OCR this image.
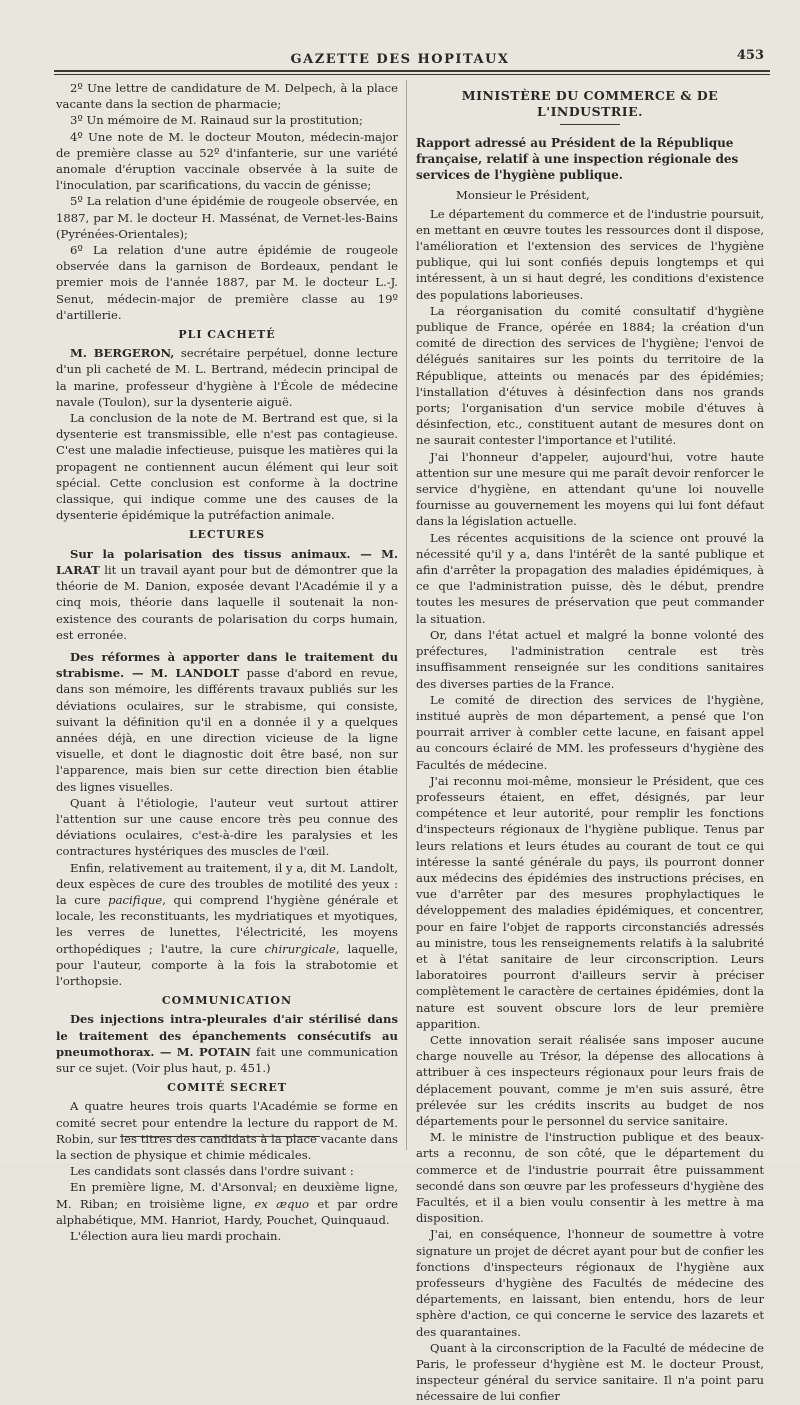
GAZETTE DES HOPITAUX	453

2º Une lettre de candidature de M. Delpech, à la place vacante dans la section de pharmacie;

3º Un mémoire de M. Rainaud sur la prostitution;

4º Une note de M. le docteur Mouton, médecin-major de première classe au 52º d'infanterie, sur une variété anomale d'éruption vaccinale observée à la suite de l'inoculation, par scarifications, du vaccin de génisse;

5º La relation d'une épidémie de rougeole observée, en 1887, par M. le docteur H. Massénat, de Vernet-les-Bains (Pyrénées-Orientales);

6º La relation d'une autre épidémie de rougeole observée dans la garnison de Bordeaux, pendant le premier mois de l'année 1887, par M. le docteur L.-J. Senut, médecin-major de première classe au 19º d'artillerie.

PLI CACHETÉ

M. BERGERON, secrétaire perpétuel, donne lecture d'un pli cacheté de M. L. Bertrand, médecin principal de la marine, professeur d'hygiène à l'École de médecine navale (Toulon), sur la dysenterie aiguë.

La conclusion de la note de M. Bertrand est que, si la dysenterie est transmissible, elle n'est pas contagieuse. C'est une maladie infectieuse, puisque les matières qui la propagent ne contiennent aucun élément qui leur soit spécial. Cette conclusion est conforme à la doctrine classique, qui indique comme une des causes de la dysenterie épidémique la putréfaction animale.

LECTURES

Sur la polarisation des tissus animaux. — M. LARAT lit un travail ayant pour but de démontrer que la théorie de M. Danion, exposée devant l'Académie il y a cinq mois, théorie dans laquelle il soutenait la non-existence des courants de polarisation du corps humain, est erronée.

Des réformes à apporter dans le traitement du strabisme. — M. LANDOLT passe d'abord en revue, dans son mémoire, les différents travaux publiés sur les déviations oculaires, sur le strabisme, qui consiste, suivant la définition qu'il en a donnée il y a quelques années déjà, en une direction vicieuse de la ligne visuelle, et dont le diagnostic doit être basé, non sur l'apparence, mais bien sur cette direction bien établie des lignes visuelles.

Quant à l'étiologie, l'auteur veut surtout attirer l'attention sur une cause encore très peu connue des déviations oculaires, c'est-à-dire les paralysies et les contractures hystériques des muscles de l'œil.

Enfin, relativement au traitement, il y a, dit M. Landolt, deux espèces de cure des troubles de motilité des yeux : la cure pacifique, qui comprend l'hygiène générale et locale, les reconstituants, les mydriatiques et myotiques, les verres de lunettes, l'électricité, les moyens orthopédiques ; l'autre, la cure chirurgicale, laquelle, pour l'auteur, comporte à la fois la strabotomie et l'orthopsie.

COMMUNICATION

Des injections intra-pleurales d'air stérilisé dans le traitement des épanchements consécutifs au pneumothorax. — M. POTAIN fait une communication sur ce sujet. (Voir plus haut, p. 451.)

COMITÉ SECRET

A quatre heures trois quarts l'Académie se forme en comité secret pour entendre la lecture du rapport de M. Robin, sur les titres des candidats à la place vacante dans la section de physique et chimie médicales.

Les candidats sont classés dans l'ordre suivant :

En première ligne, M. d'Arsonval; en deuxième ligne, M. Riban; en troisième ligne, ex æquo et par ordre alphabétique, MM. Hanriot, Hardy, Pouchet, Quinquaud.

L'élection aura lieu mardi prochain.

MINISTÈRE DU COMMERCE & DE L'INDUSTRIE.
Rapport adressé au Président de la République française, relatif à une inspection régionale des services de l'hygiène publique.

Monsieur le Président,

Le département du commerce et de l'industrie poursuit, en mettant en œuvre toutes les ressources dont il dispose, l'amélioration et l'extension des services de l'hygiène publique, qui lui sont confiés depuis longtemps et qui intéressent, à un si haut degré, les conditions d'existence des populations laborieuses.

La réorganisation du comité consultatif d'hygiène publique de France, opérée en 1884; la création d'un comité de direction des services de l'hygiène; l'envoi de délégués sanitaires sur les points du territoire de la République, atteints ou menacés par des épidémies; l'installation d'étuves à désinfection dans nos grands ports; l'organisation d'un service mobile d'étuves à désinfection, etc., constituent autant de mesures dont on ne saurait contester l'importance et l'utilité.

J'ai l'honneur d'appeler, aujourd'hui, votre haute attention sur une mesure qui me paraît devoir renforcer le service d'hygiène, en attendant qu'une loi nouvelle fournisse au gouvernement les moyens qui lui font défaut dans la législation actuelle.

Les récentes acquisitions de la science ont prouvé la nécessité qu'il y a, dans l'intérêt de la santé publique et afin d'arrêter la propagation des maladies épidémiques, à ce que l'administration puisse, dès le début, prendre toutes les mesures de préservation que peut commander la situation.

Or, dans l'état actuel et malgré la bonne volonté des préfectures, l'administration centrale est très insuffisamment renseignée sur les conditions sanitaires des diverses parties de la France.

Le comité de direction des services de l'hygiène, institué auprès de mon département, a pensé que l'on pourrait arriver à combler cette lacune, en faisant appel au concours éclairé de MM. les professeurs d'hygiène des Facultés de médecine.

J'ai reconnu moi-même, monsieur le Président, que ces professeurs étaient, en effet, désignés, par leur compétence et leur autorité, pour remplir les fonctions d'inspecteurs régionaux de l'hygiène publique. Tenus par leurs relations et leurs études au courant de tout ce qui intéresse la santé générale du pays, ils pourront donner aux médecins des épidémies des instructions précises, en vue d'arrêter par des mesures prophylactiques le développement des maladies épidémiques, et concentrer, pour en faire l'objet de rapports circonstanciés adressés au ministre, tous les renseignements relatifs à la salubrité et à l'état sanitaire de leur circonscription. Leurs laboratoires pourront d'ailleurs servir à préciser complètement le caractère de certaines épidémies, dont la nature est souvent obscure lors de leur première apparition.

Cette innovation serait réalisée sans imposer aucune charge nouvelle au Trésor, la dépense des allocations à attribuer à ces inspecteurs régionaux pour leurs frais de déplacement pouvant, comme je m'en suis assuré, être prélevée sur les crédits inscrits au budget de nos départements pour le personnel du service sanitaire.

M. le ministre de l'instruction publique et des beaux-arts a reconnu, de son côté, que le département du commerce et de l'industrie pourrait être puissamment secondé dans son œuvre par les professeurs d'hygiène des Facultés, et il a bien voulu consentir à les mettre à ma disposition.

J'ai, en conséquence, l'honneur de soumettre à votre signature un projet de décret ayant pour but de confier les fonctions d'inspecteurs régionaux de l'hygiène aux professeurs d'hygiène des Facultés de médecine des départements, en laissant, bien entendu, hors de leur sphère d'action, ce qui concerne le service des lazarets et des quarantaines.

Quant à la circonscription de la Faculté de médecine de Paris, le professeur d'hygiène est M. le docteur Proust, inspecteur général du service sanitaire. Il n'a point paru nécessaire de lui confier
